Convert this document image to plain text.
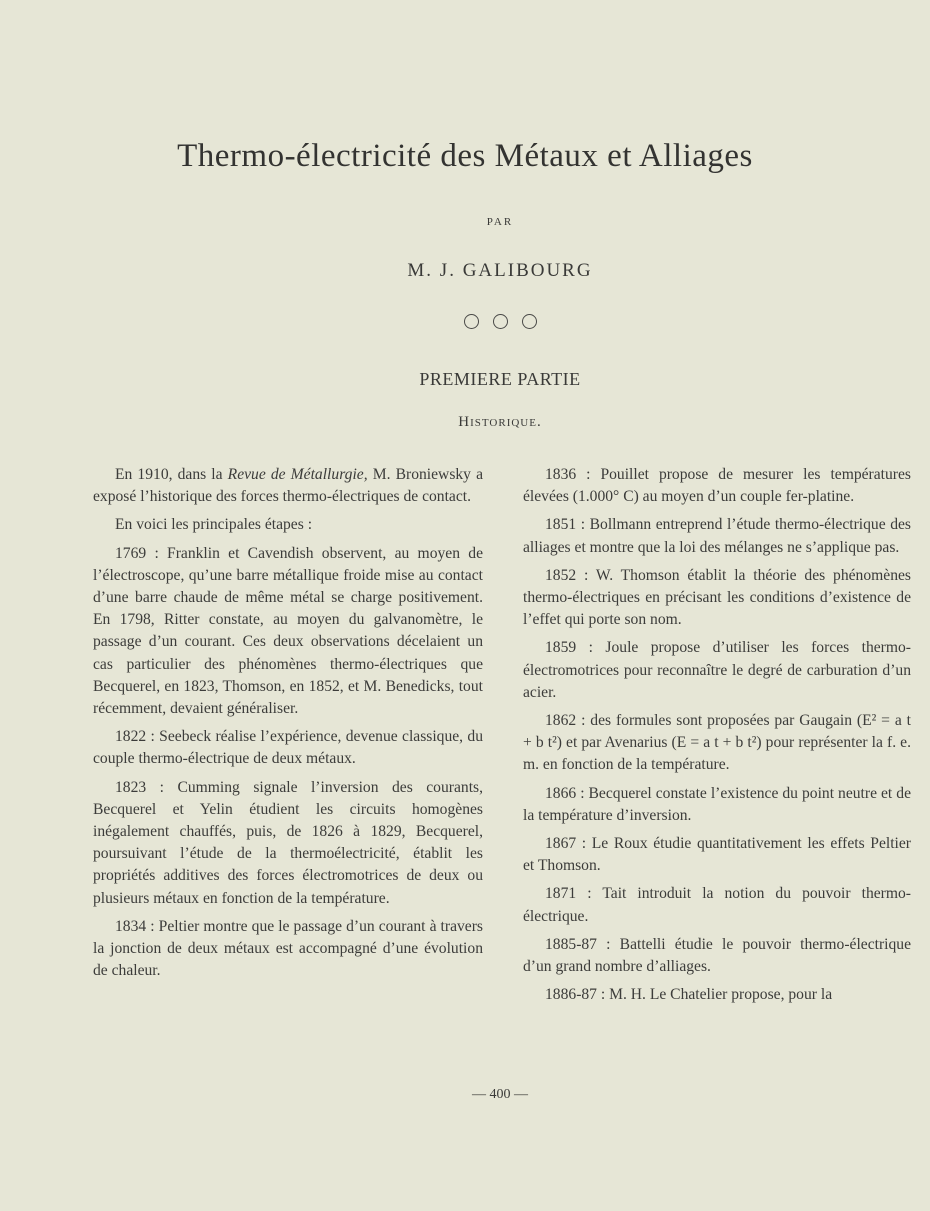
Thermo-électricité des Métaux et Alliages
PAR
M. J. GALIBOURG
PREMIERE PARTIE
Historique.

En 1910, dans la Revue de Métallurgie, M. Broniewsky a exposé l’historique des forces thermo-électriques de contact.

En voici les principales étapes :

1769 : Franklin et Cavendish observent, au moyen de l’électroscope, qu’une barre métallique froide mise au contact d’une barre chaude de même métal se charge positivement. En 1798, Ritter constate, au moyen du galvanomètre, le passage d’un courant. Ces deux observations décelaient un cas particulier des phénomènes thermo-électriques que Becquerel, en 1823, Thomson, en 1852, et M. Benedicks, tout récemment, devaient généraliser.

1822 : Seebeck réalise l’expérience, devenue classique, du couple thermo-électrique de deux métaux.

1823 : Cumming signale l’inversion des courants, Becquerel et Yelin étudient les circuits homogènes inégalement chauffés, puis, de 1826 à 1829, Becquerel, poursuivant l’étude de la thermoélectricité, établit les propriétés additives des forces électromotrices de deux ou plusieurs métaux en fonction de la température.

1834 : Peltier montre que le passage d’un courant à travers la jonction de deux métaux est accompagné d’une évolution de chaleur.

1836 : Pouillet propose de mesurer les températures élevées (1.000° C) au moyen d’un couple fer-platine.

1851 : Bollmann entreprend l’étude thermo-électrique des alliages et montre que la loi des mélanges ne s’applique pas.

1852 : W. Thomson établit la théorie des phénomènes thermo-électriques en précisant les conditions d’existence de l’effet qui porte son nom.

1859 : Joule propose d’utiliser les forces thermo-électromotrices pour reconnaître le degré de carburation d’un acier.

1862 : des formules sont proposées par Gaugain (E² = a t + b t²) et par Avenarius (E = a t + b t²) pour représenter la f. e. m. en fonction de la température.

1866 : Becquerel constate l’existence du point neutre et de la température d’inversion.

1867 : Le Roux étudie quantitativement les effets Peltier et Thomson.

1871 : Tait introduit la notion du pouvoir thermo-électrique.

1885-87 : Battelli étudie le pouvoir thermo-électrique d’un grand nombre d’alliages.

1886-87 : M. H. Le Chatelier propose, pour la

— 400 —
